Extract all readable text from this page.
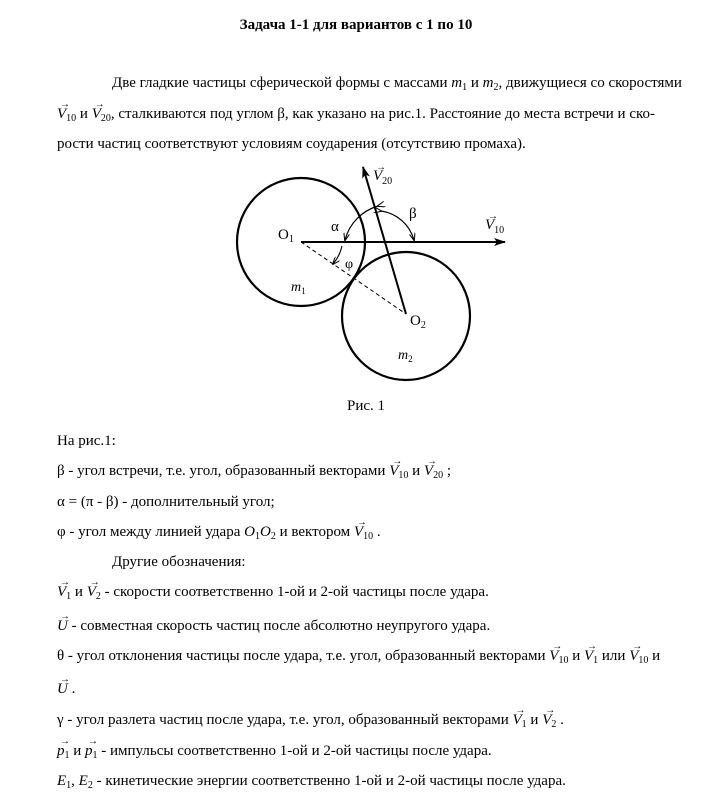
Задача 1-1 для вариантов с 1 по 10
Две гладкие частицы сферической формы с массами $m_1$ и $m_2$, движущиеся со скоростями
→ $V_{10}$ $и \to V_{20}$, сталкиваются под углом β, как указано на рис.1. Расстояние до места встречи и ско-
рости частиц соответствуют условиям соударения (отсутствию промаха).
α
β
φ
$O_1$
$O_2$
$m_1$
$m_2$
$V_{20}$
→
$V_{10}$
→
Рис. 1
На рис.1:
β - угол встречи, т.е. угол, образованный векторами → $V_{10}$ $и \to V_{20}$ ;
α = (π - β) - дополнительный угол;
φ - угол между линией удара $O_1O_2$ и вектором → $V_{10}$ .
Другие обозначения:
→ $V_1$ $и \to V_2$ - скорости соответственно 1-ой и 2-ой частицы после удара.
→ U - совместная скорость частиц после абсолютно неупругого удара.
θ - угол отклонения частицы после удара, т.е. угол, образованный векторами → $V_{10}$ $и \to V_1$ или → $V_{10}$ и
→ U .
γ - угол разлета частиц после удара, т.е. угол, образованный векторами → $V_1$ $и \to V_2$ .
→ $p_1$ $и \to p_1$ - импульсы соответственно 1-ой и 2-ой частицы после удара.
$E_1$, $E_2$ - кинетические энергии соответственно 1-ой и 2-ой частицы после удара.
